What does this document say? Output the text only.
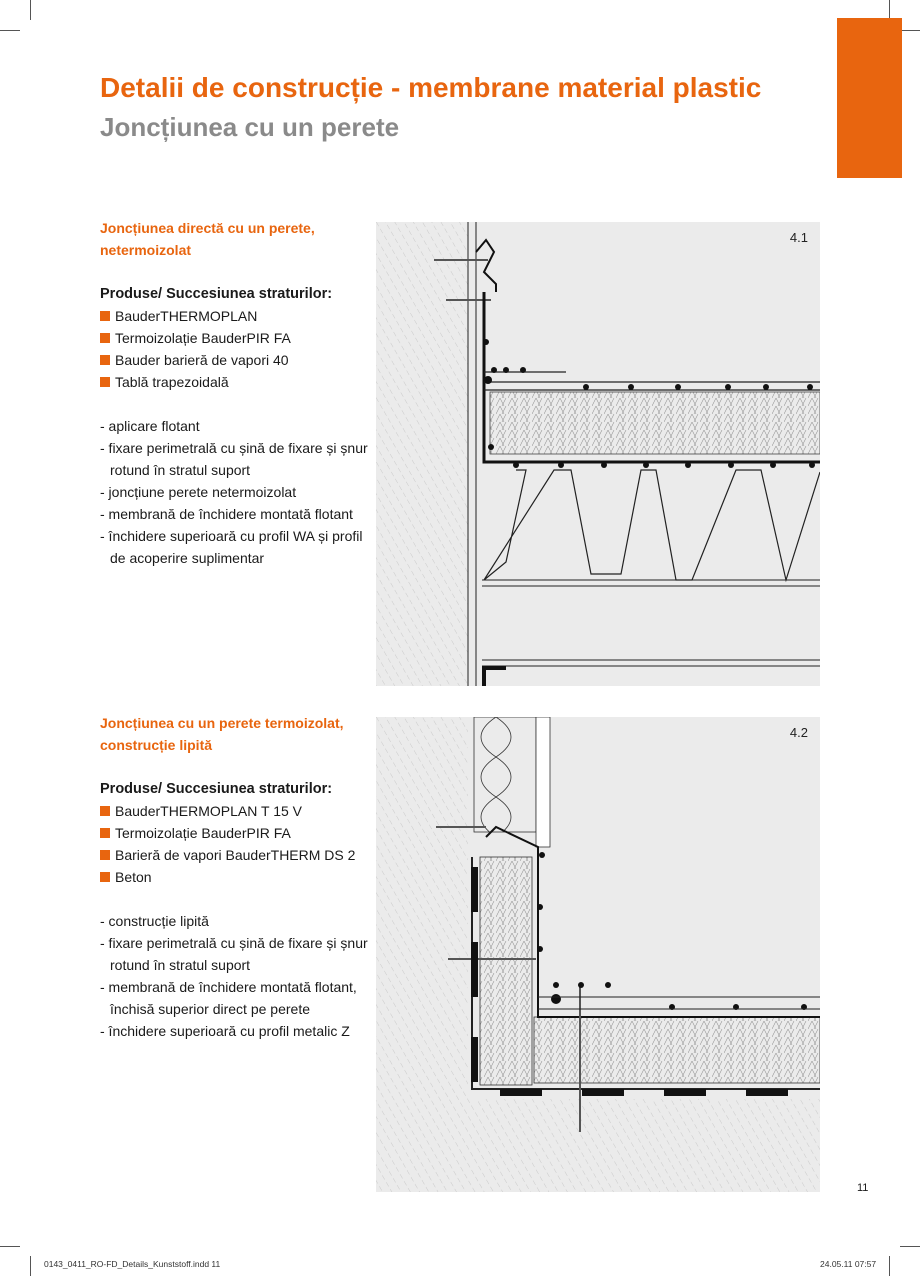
Detalii de construcție - membrane material plastic
Joncțiunea cu un perete
Joncțiunea directă cu un perete,
netermoizolat
Produse/ Succesiunea straturilor:
BauderTHERMOPLAN
Termoizolație BauderPIR FA
Bauder barieră de vapori 40
Tablă trapezoidală
- aplicare flotant
- fixare perimetrală cu șină de fixare și șnur rotund în stratul suport
- joncțiune perete netermoizolat
- membrană de închidere montată flotant
- închidere superioară cu profil WA și profil de acoperire suplimentar
Joncțiunea cu un perete termoizolat,
construcție lipită
Produse/ Succesiunea straturilor:
BauderTHERMOPLAN T 15 V
Termoizolație BauderPIR FA
Barieră de vapori BauderTHERM DS 2
Beton
- construcție lipită
- fixare perimetrală cu șină de fixare și șnur rotund în stratul suport
- membrană de închidere montată flotant, închisă superior direct pe perete
- închidere superioară cu profil metalic Z
4.1
4.2
11
0143_0411_RO-FD_Details_Kunststoff.indd 11	24.05.11 07:57
